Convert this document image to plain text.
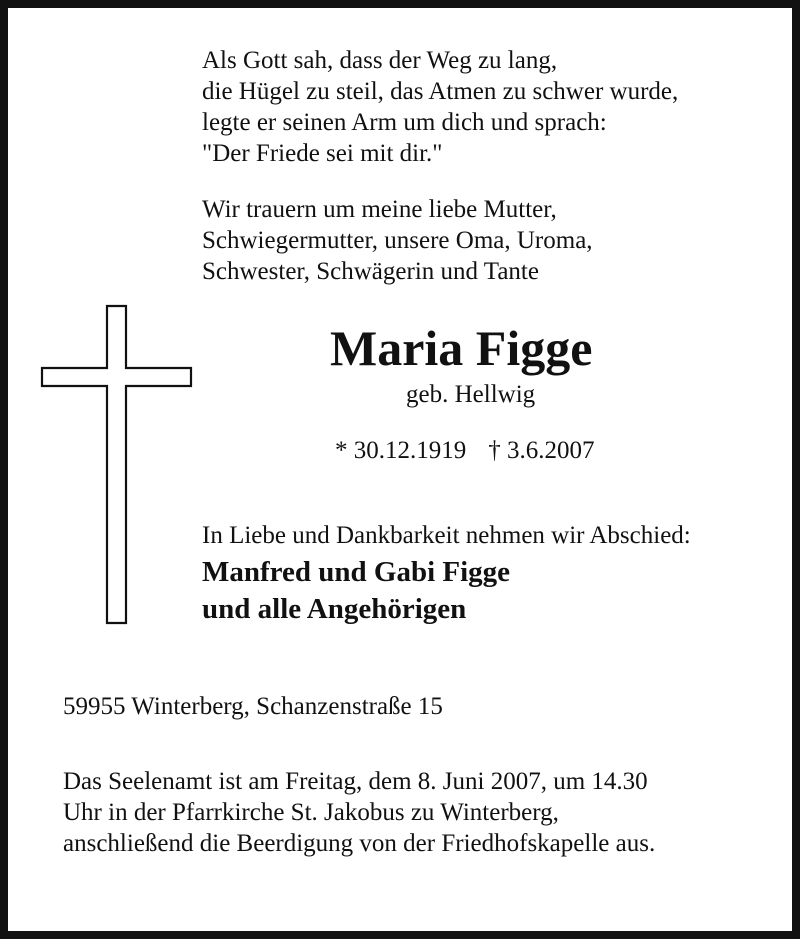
Als Gott sah, dass der Weg zu lang,
die Hügel zu steil, das Atmen zu schwer wurde,
legte er seinen Arm um dich und sprach:
"Der Friede sei mit dir."
Wir trauern um meine liebe Mutter,
Schwiegermutter, unsere Oma, Uroma,
Schwester, Schwägerin und Tante
Maria Figge
geb. Hellwig
* 30.12.1919 † 3.6.2007
In Liebe und Dankbarkeit nehmen wir Abschied:
Manfred und Gabi Figge
und alle Angehörigen
59955 Winterberg, Schanzenstraße 15
Das Seelenamt ist am Freitag, dem 8. Juni 2007, um 14.30
Uhr in der Pfarrkirche St. Jakobus zu Winterberg,
anschließend die Beerdigung von der Friedhofskapelle aus.
